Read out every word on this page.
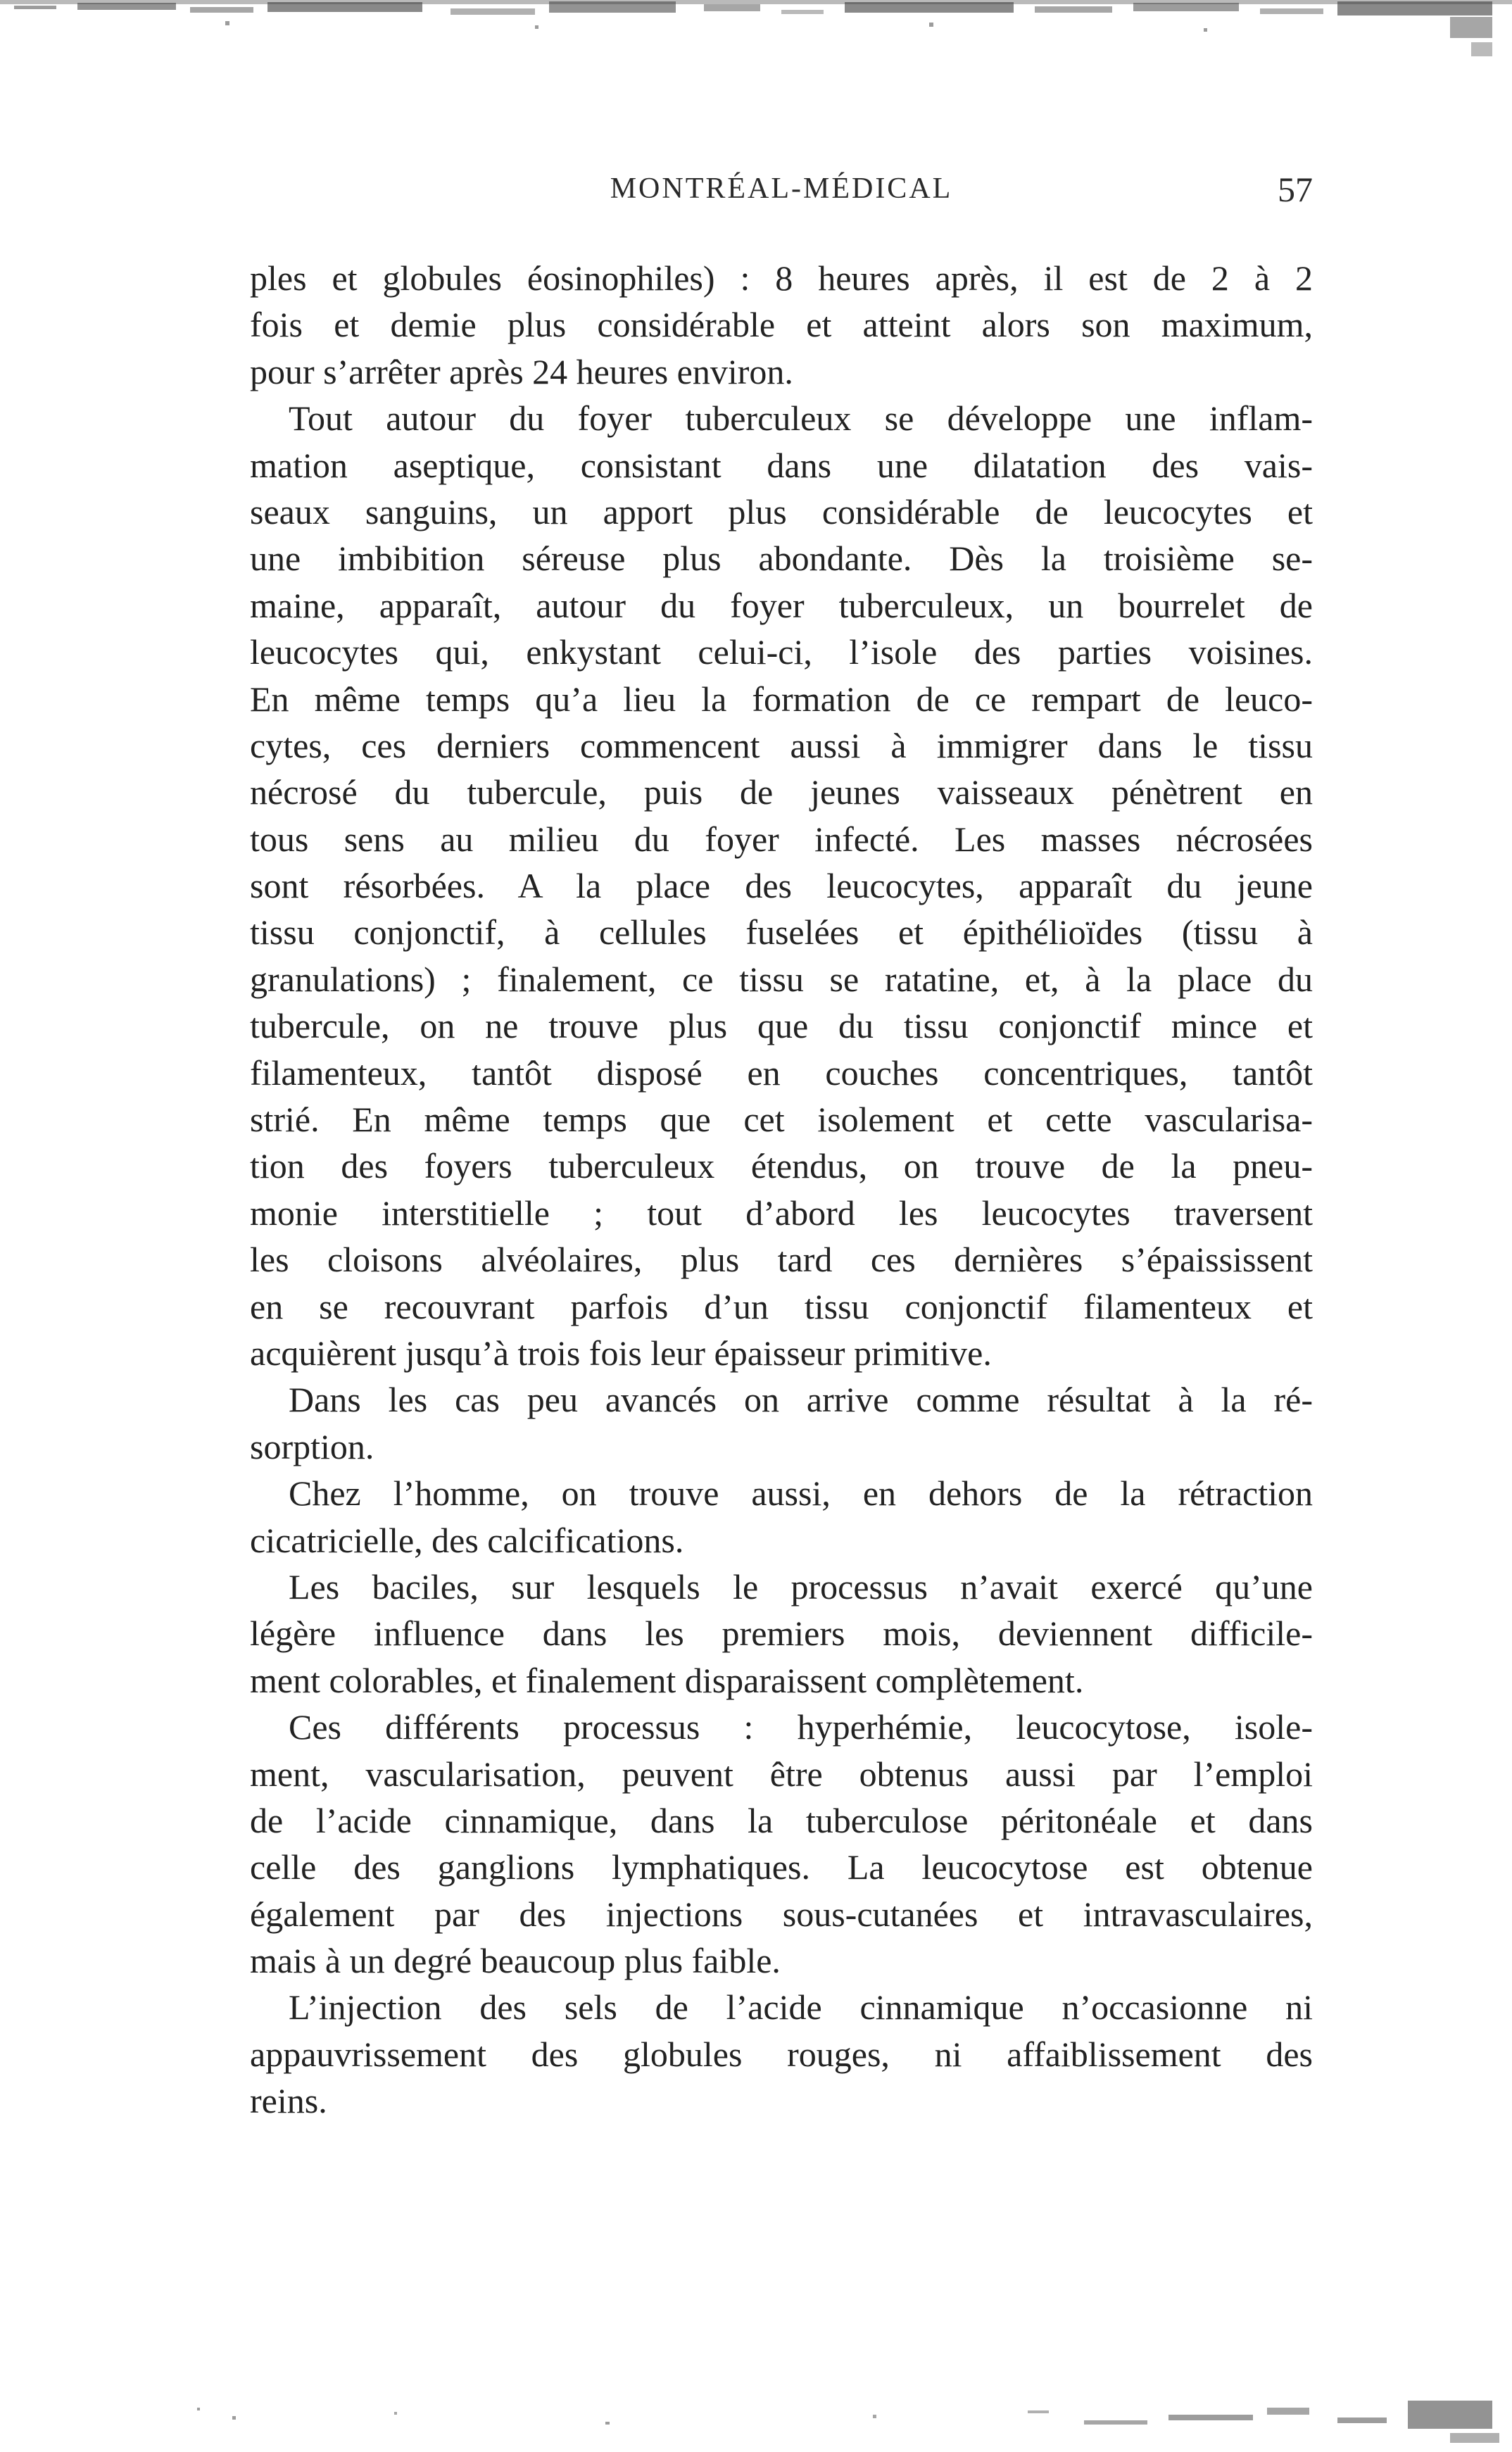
MONTRÉAL-MÉDICAL	57
ples et globules éosinophiles) : 8 heures après, il est de 2 à 2
fois et demie plus considérable et atteint alors son maximum,
pour s’arrêter après 24 heures environ.
Tout autour du foyer tuberculeux se développe une inflam-
mation aseptique, consistant dans une dilatation des vais-
seaux sanguins, un apport plus considérable de leucocytes et
une imbibition séreuse plus abondante. Dès la troisième se-
maine, apparaît, autour du foyer tuberculeux, un bourrelet de
leucocytes qui, enkystant celui-ci, l’isole des parties voisines.
En même temps qu’a lieu la formation de ce rempart de leuco-
cytes, ces derniers commencent aussi à immigrer dans le tissu
nécrosé du tubercule, puis de jeunes vaisseaux pénètrent en
tous sens au milieu du foyer infecté. Les masses nécrosées
sont résorbées. A la place des leucocytes, apparaît du jeune
tissu conjonctif, à cellules fuselées et épithélioïdes (tissu à
granulations) ; finalement, ce tissu se ratatine, et, à la place du
tubercule, on ne trouve plus que du tissu conjonctif mince et
filamenteux, tantôt disposé en couches concentriques, tantôt
strié. En même temps que cet isolement et cette vascularisa-
tion des foyers tuberculeux étendus, on trouve de la pneu-
monie interstitielle ; tout d’abord les leucocytes traversent
les cloisons alvéolaires, plus tard ces dernières s’épaississent
en se recouvrant parfois d’un tissu conjonctif filamenteux et
acquièrent jusqu’à trois fois leur épaisseur primitive.
Dans les cas peu avancés on arrive comme résultat à la ré-
sorption.
Chez l’homme, on trouve aussi, en dehors de la rétraction
cicatricielle, des calcifications.
Les baciles, sur lesquels le processus n’avait exercé qu’une
légère influence dans les premiers mois, deviennent difficile-
ment colorables, et finalement disparaissent complètement.
Ces différents processus : hyperhémie, leucocytose, isole-
ment, vascularisation, peuvent être obtenus aussi par l’emploi
de l’acide cinnamique, dans la tuberculose péritonéale et dans
celle des ganglions lymphatiques. La leucocytose est obtenue
également par des injections sous-cutanées et intravasculaires,
mais à un degré beaucoup plus faible.
L’injection des sels de l’acide cinnamique n’occasionne ni
appauvrissement des globules rouges, ni affaiblissement des
reins.
